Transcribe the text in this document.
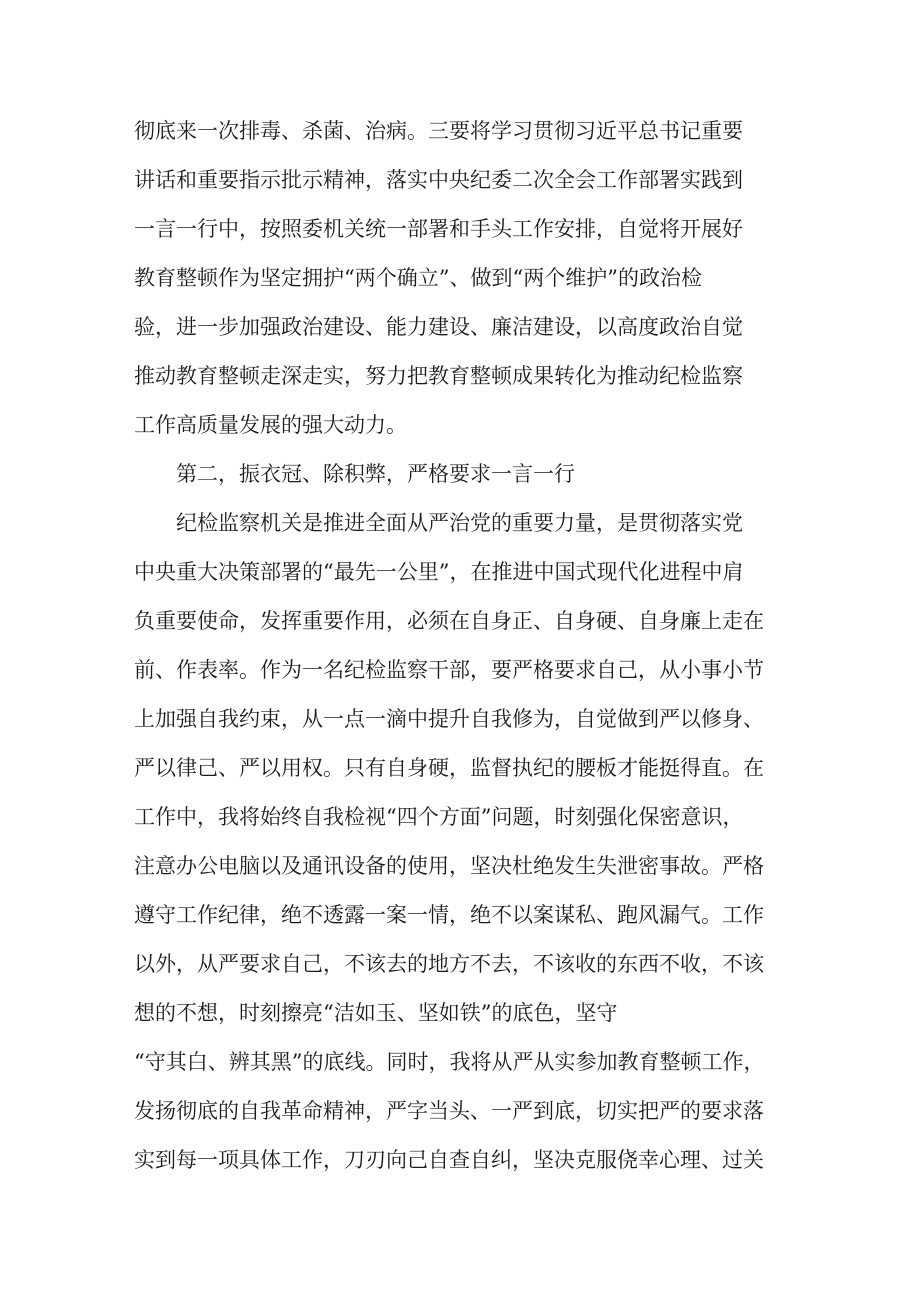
彻底来一次排毒、杀菌、治病。三要将学习贯彻习近平总书记重要
讲话和重要指示批示精神，落实中央纪委二次全会工作部署实践到
一言一行中，按照委机关统一部署和手头工作安排，自觉将开展好
教育整顿作为坚定拥护“两个确立”、做到“两个维护”的政治检
验，进一步加强政治建设、能力建设、廉洁建设，以高度政治自觉
推动教育整顿走深走实，努力把教育整顿成果转化为推动纪检监察
工作高质量发展的强大动力。
第二，振衣冠、除积弊，严格要求一言一行
纪检监察机关是推进全面从严治党的重要力量，是贯彻落实党
中央重大决策部署的“最先一公里”，在推进中国式现代化进程中肩
负重要使命，发挥重要作用，必须在自身正、自身硬、自身廉上走在
前、作表率。作为一名纪检监察干部，要严格要求自己，从小事小节
上加强自我约束，从一点一滴中提升自我修为，自觉做到严以修身、
严以律己、严以用权。只有自身硬，监督执纪的腰板才能挺得直。在
工作中，我将始终自我检视“四个方面”问题，时刻强化保密意识，
注意办公电脑以及通讯设备的使用，坚决杜绝发生失泄密事故。严格
遵守工作纪律，绝不透露一案一情，绝不以案谋私、跑风漏气。工作
以外，从严要求自己，不该去的地方不去，不该收的东西不收，不该
想的不想，时刻擦亮“洁如玉、坚如铁”的底色，坚守
“守其白、辨其黑”的底线。同时，我将从严从实参加教育整顿工作，
发扬彻底的自我革命精神，严字当头、一严到底，切实把严的要求落
实到每一项具体工作，刀刃向己自查自纠，坚决克服侥幸心理、过关
